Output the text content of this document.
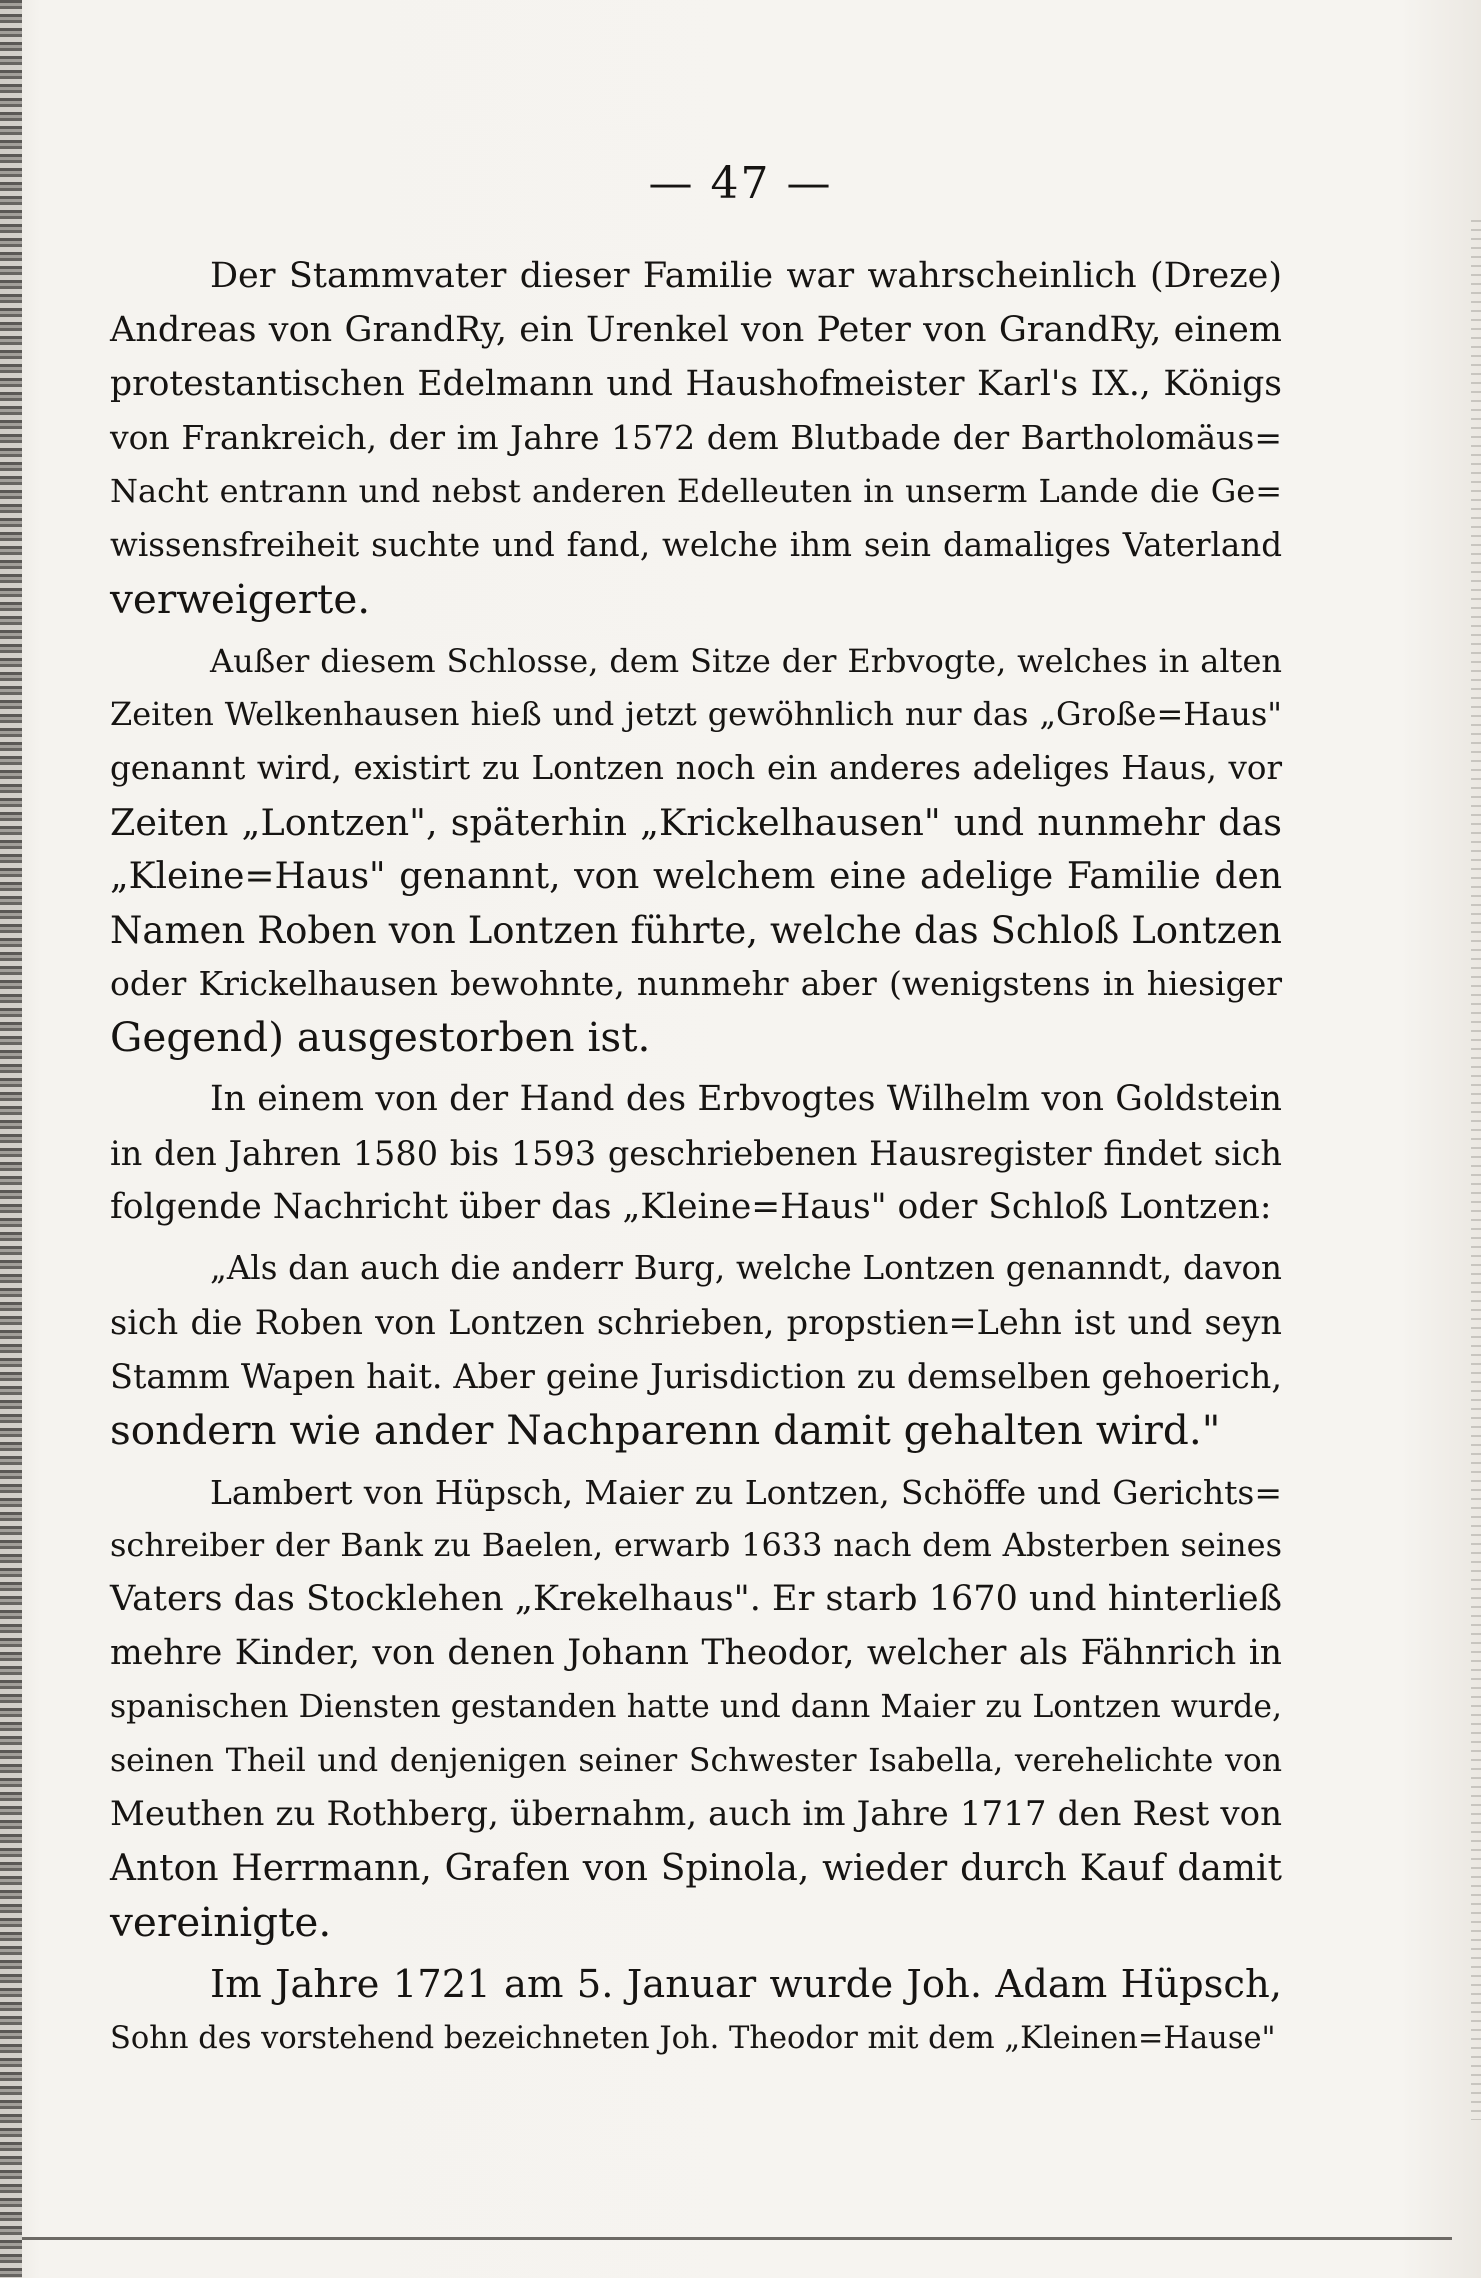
— 47 —

Der Stammvater dieser Familie war wahrscheinlich (Dreze)
Andreas von GrandRy, ein Urenkel von Peter von GrandRy, einem
protestantischen Edelmann und Haushofmeister Karl's IX., Königs
von Frankreich, der im Jahre 1572 dem Blutbade der Bartholomäus=
Nacht entrann und nebst anderen Edelleuten in unserm Lande die Ge=
wissensfreiheit suchte und fand, welche ihm sein damaliges Vaterland
verweigerte.

Außer diesem Schlosse, dem Sitze der Erbvogte, welches in alten
Zeiten Welkenhausen hieß und jetzt gewöhnlich nur das „Große=Haus"
genannt wird, existirt zu Lontzen noch ein anderes adeliges Haus, vor
Zeiten „Lontzen", späterhin „Krickelhausen" und nunmehr das
„Kleine=Haus" genannt, von welchem eine adelige Familie den
Namen Roben von Lontzen führte, welche das Schloß Lontzen
oder Krickelhausen bewohnte, nunmehr aber (wenigstens in hiesiger
Gegend) ausgestorben ist.

In einem von der Hand des Erbvogtes Wilhelm von Goldstein
in den Jahren 1580 bis 1593 geschriebenen Hausregister findet sich
folgende Nachricht über das „Kleine=Haus" oder Schloß Lontzen:

„Als dan auch die anderr Burg, welche Lontzen genanndt, davon
sich die Roben von Lontzen schrieben, propstien=Lehn ist und seyn
Stamm Wapen hait. Aber geine Jurisdiction zu demselben gehoerich,
sondern wie ander Nachparenn damit gehalten wird."

Lambert von Hüpsch, Maier zu Lontzen, Schöffe und Gerichts=
schreiber der Bank zu Baelen, erwarb 1633 nach dem Absterben seines
Vaters das Stocklehen „Krekelhaus". Er starb 1670 und hinterließ
mehre Kinder, von denen Johann Theodor, welcher als Fähnrich in
spanischen Diensten gestanden hatte und dann Maier zu Lontzen wurde,
seinen Theil und denjenigen seiner Schwester Isabella, verehelichte von
Meuthen zu Rothberg, übernahm, auch im Jahre 1717 den Rest von
Anton Herrmann, Grafen von Spinola, wieder durch Kauf damit
vereinigte.

Im Jahre 1721 am 5. Januar wurde Joh. Adam Hüpsch,
Sohn des vorstehend bezeichneten Joh. Theodor mit dem „Kleinen=Hause"
